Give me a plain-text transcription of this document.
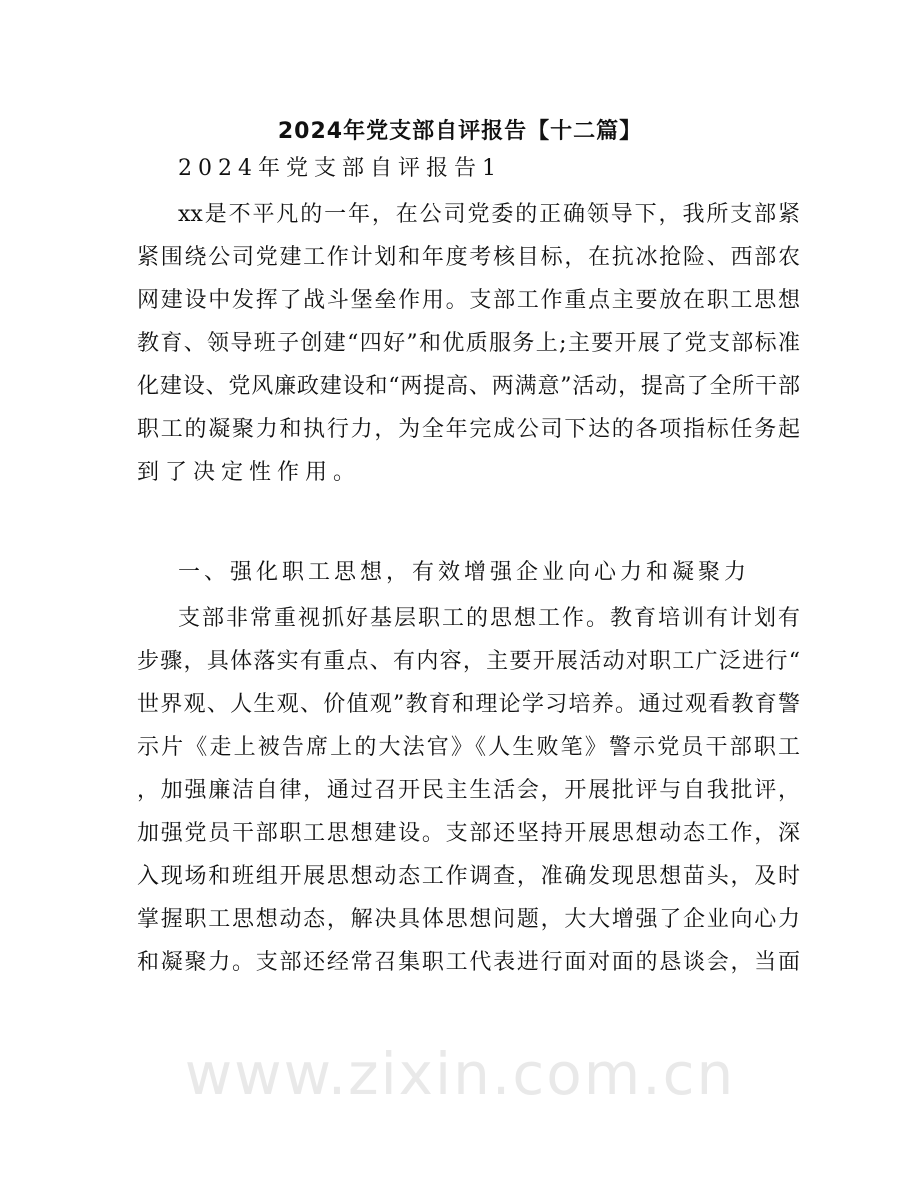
www.zixin.com.cn
2024年党支部自评报告【十二篇】
2024年党支部自评报告1
xx是不平凡的一年，在公司党委的正确领导下，我所支部紧
紧围绕公司党建工作计划和年度考核目标，在抗冰抢险、西部农
网建设中发挥了战斗堡垒作用。支部工作重点主要放在职工思想
教育、领导班子创建“四好”和优质服务上;主要开展了党支部标准
化建设、党风廉政建设和“两提高、两满意”活动，提高了全所干部
职工的凝聚力和执行力，为全年完成公司下达的各项指标任务起
到了决定性作用。
一、强化职工思想，有效增强企业向心力和凝聚力
支部非常重视抓好基层职工的思想工作。教育培训有计划有
步骤，具体落实有重点、有内容，主要开展活动对职工广泛进行“
世界观、人生观、价值观”教育和理论学习培养。通过观看教育警
示片《走上被告席上的大法官》《人生败笔》警示党员干部职工
，加强廉洁自律，通过召开民主生活会，开展批评与自我批评，
加强党员干部职工思想建设。支部还坚持开展思想动态工作，深
入现场和班组开展思想动态工作调查，准确发现思想苗头，及时
掌握职工思想动态，解决具体思想问题，大大增强了企业向心力
和凝聚力。支部还经常召集职工代表进行面对面的恳谈会，当面
